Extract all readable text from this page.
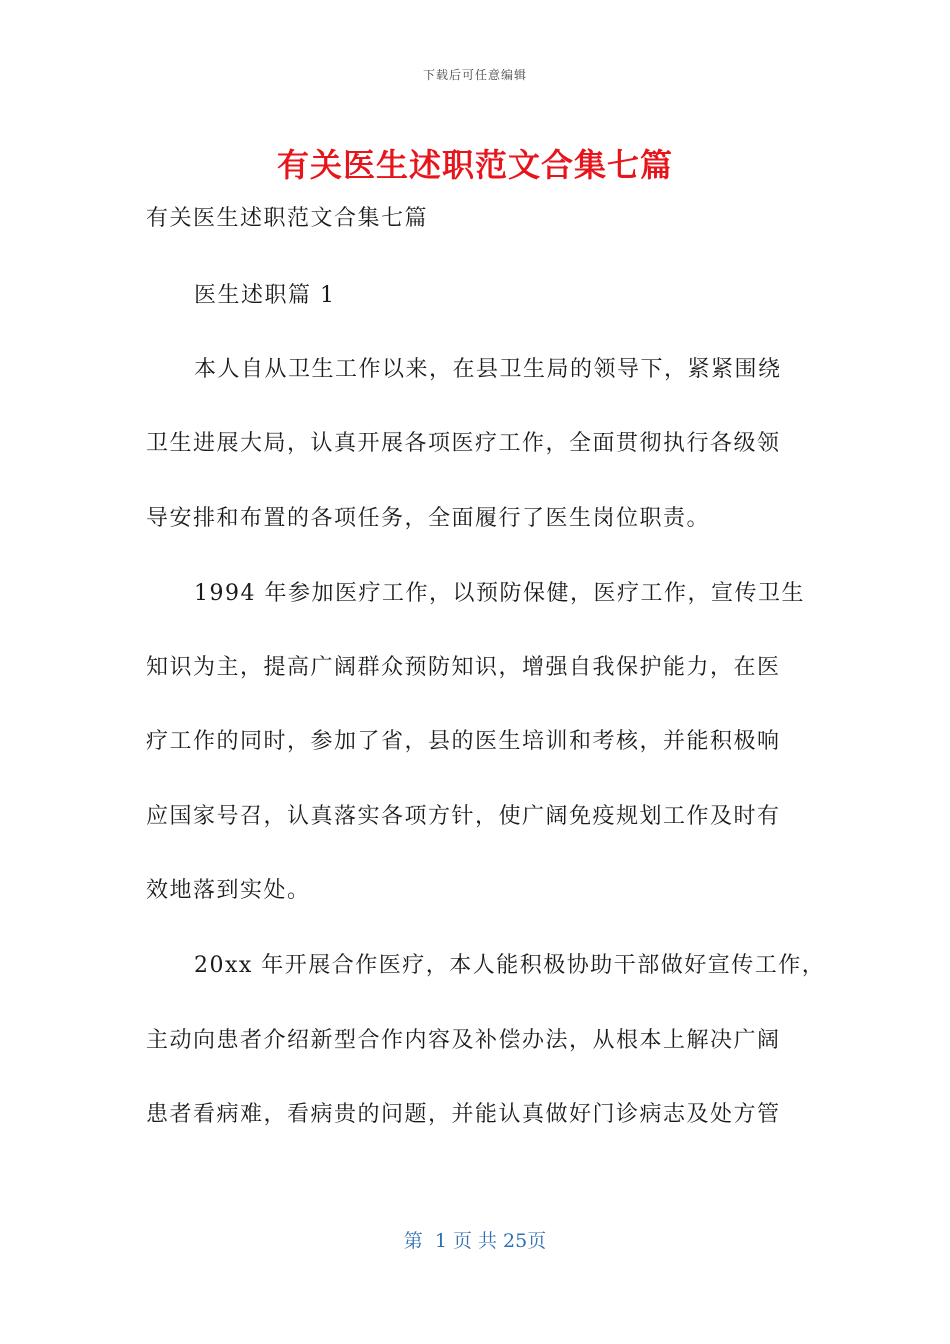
下载后可任意编辑
有关医生述职范文合集七篇
有关医生述职范文合集七篇
医生述职篇 1
本人自从卫生工作以来，在县卫生局的领导下，紧紧围绕
卫生进展大局，认真开展各项医疗工作，全面贯彻执行各级领
导安排和布置的各项任务，全面履行了医生岗位职责。
1994 年参加医疗工作，以预防保健，医疗工作，宣传卫生
知识为主，提高广阔群众预防知识，增强自我保护能力，在医
疗工作的同时，参加了省，县的医生培训和考核，并能积极响
应国家号召，认真落实各项方针，使广阔免疫规划工作及时有
效地落到实处。
20xx 年开展合作医疗，本人能积极协助干部做好宣传工作，
主动向患者介绍新型合作内容及补偿办法，从根本上解决广阔
患者看病难，看病贵的问题，并能认真做好门诊病志及处方管
第  1 页 共 25页
